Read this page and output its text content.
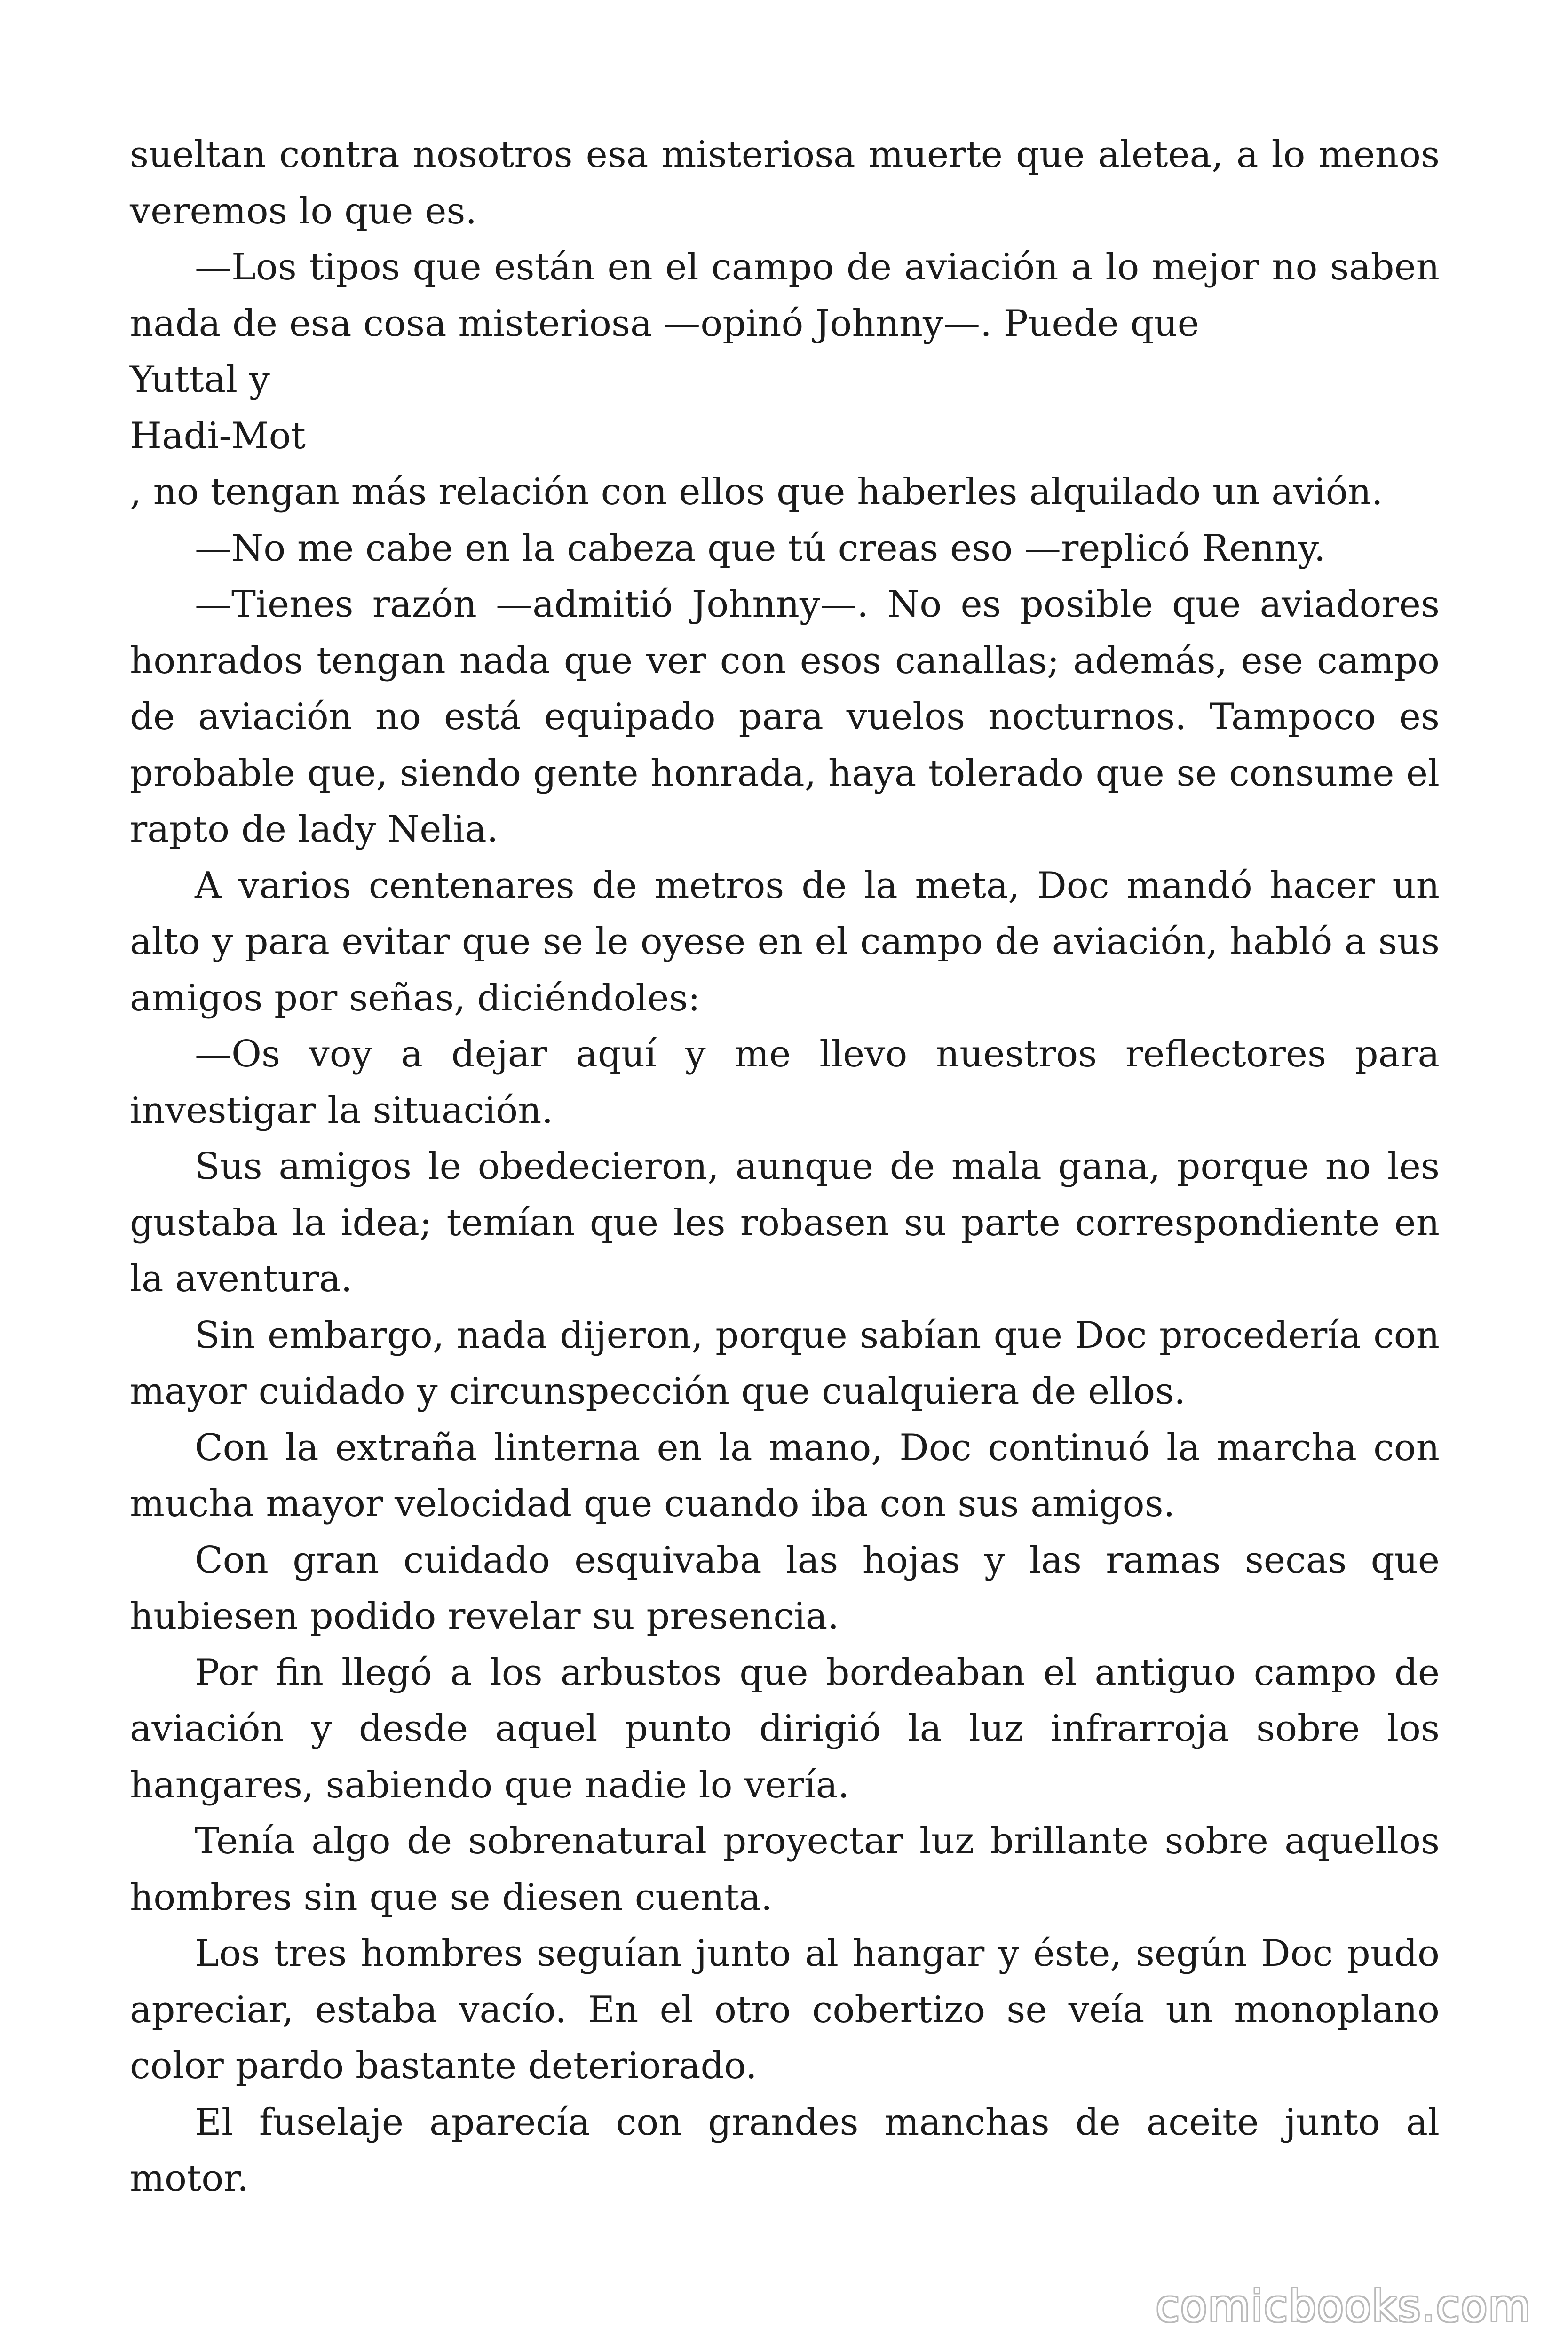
sueltan contra nosotros esa misteriosa muerte que aletea, a lo menos veremos lo que es.

—Los tipos que están en el campo de aviación a lo mejor no saben nada de esa cosa misteriosa —opinó Johnny—. Puede que

Yuttal y

Hadi-Mot

, no tengan más relación con ellos que haberles alquilado un avión.

—No me cabe en la cabeza que tú creas eso —replicó Renny.

—Tienes razón —admitió Johnny—. No es posible que aviadores honrados tengan nada que ver con esos canallas; además, ese campo de aviación no está equipado para vuelos nocturnos. Tampoco es probable que, siendo gente honrada, haya tolerado que se consume el rapto de lady Nelia.

A varios centenares de metros de la meta, Doc mandó hacer un alto y para evitar que se le oyese en el campo de aviación, habló a sus amigos por señas, diciéndoles:

—Os voy a dejar aquí y me llevo nuestros reflectores para investigar la situación.

Sus amigos le obedecieron, aunque de mala gana, porque no les gustaba la idea; temían que les robasen su parte correspondiente en la aventura.

Sin embargo, nada dijeron, porque sabían que Doc procedería con mayor cuidado y circunspección que cualquiera de ellos.

Con la extraña linterna en la mano, Doc continuó la marcha con mucha mayor velocidad que cuando iba con sus amigos.

Con gran cuidado esquivaba las hojas y las ramas secas que hubiesen podido revelar su presencia.

Por fin llegó a los arbustos que bordeaban el antiguo campo de aviación y desde aquel punto dirigió la luz infrarroja sobre los hangares, sabiendo que nadie lo vería.

Tenía algo de sobrenatural proyectar luz brillante sobre aquellos hombres sin que se diesen cuenta.

Los tres hombres seguían junto al hangar y éste, según Doc pudo apreciar, estaba vacío. En el otro cobertizo se veía un monoplano color pardo bastante deteriorado.

El fuselaje aparecía con grandes manchas de aceite junto al motor.

comicbooks.com
